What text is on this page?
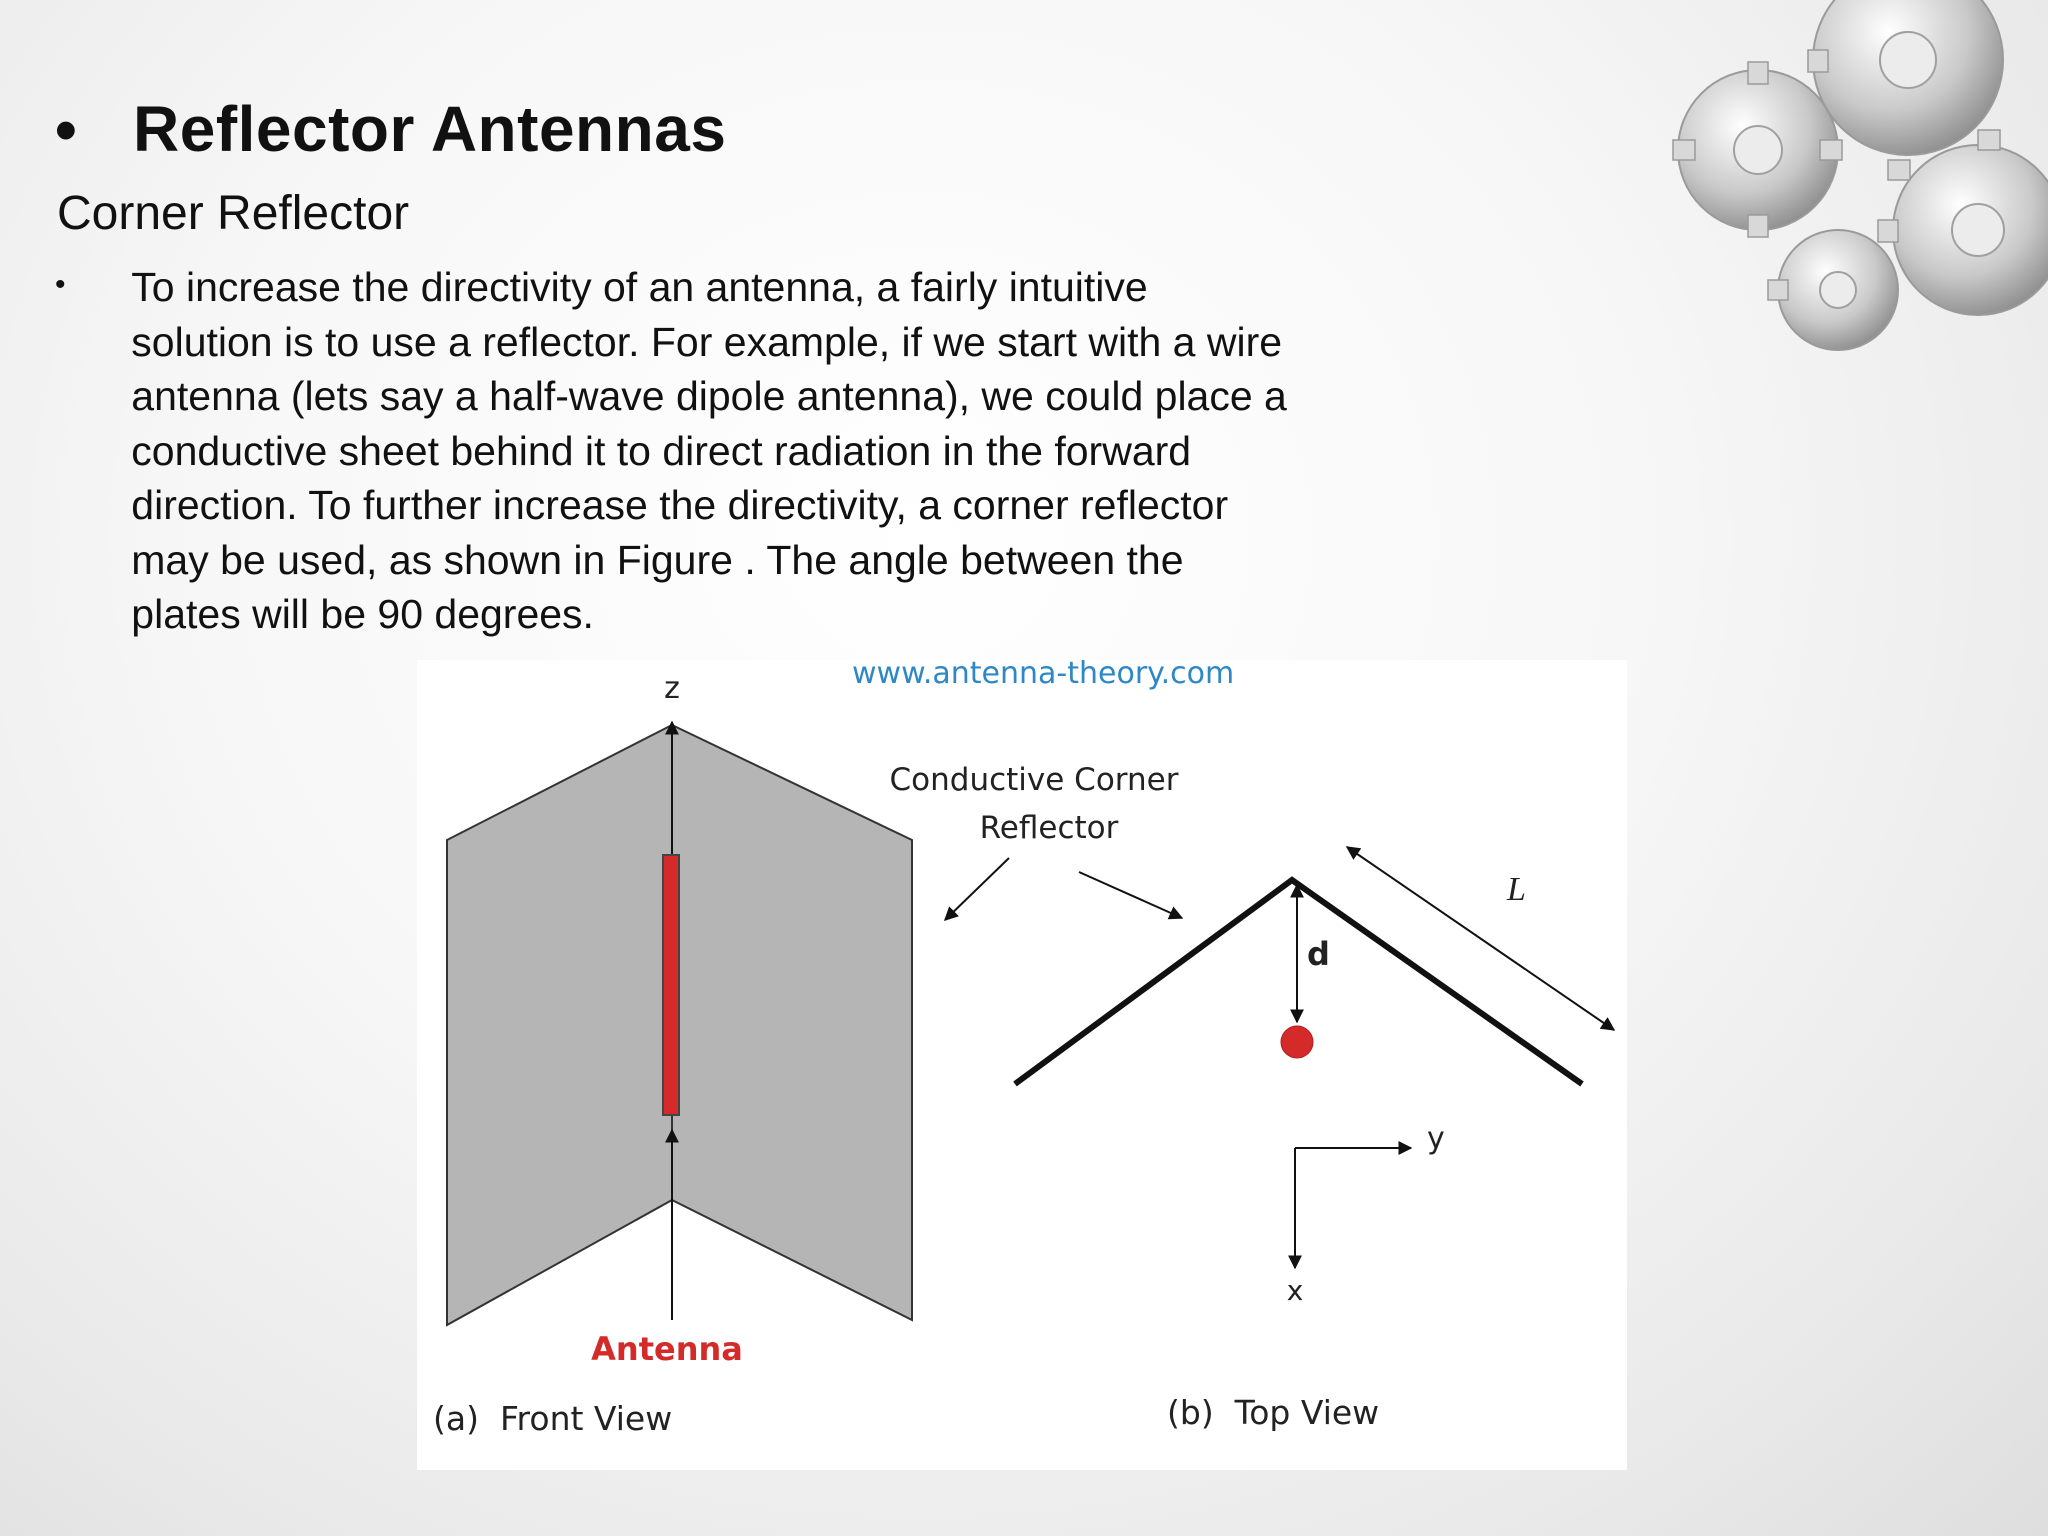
• Reflector Antennas
Corner Reflector
•	To increase the directivity of an antenna, a fairly intuitive solution is to use a reflector. For example, if we start with a wire antenna (lets say a half-wave dipole antenna), we could place a conductive sheet behind it to direct radiation in the forward direction. To further increase the directivity, a corner reflector may be used, as shown in Figure . The angle between the plates will be 90 degrees.
z
Antenna
www.antenna-theory.com
Conductive Corner
Reflector
L
d
y
x
(a)  Front View	(b)  Top View
